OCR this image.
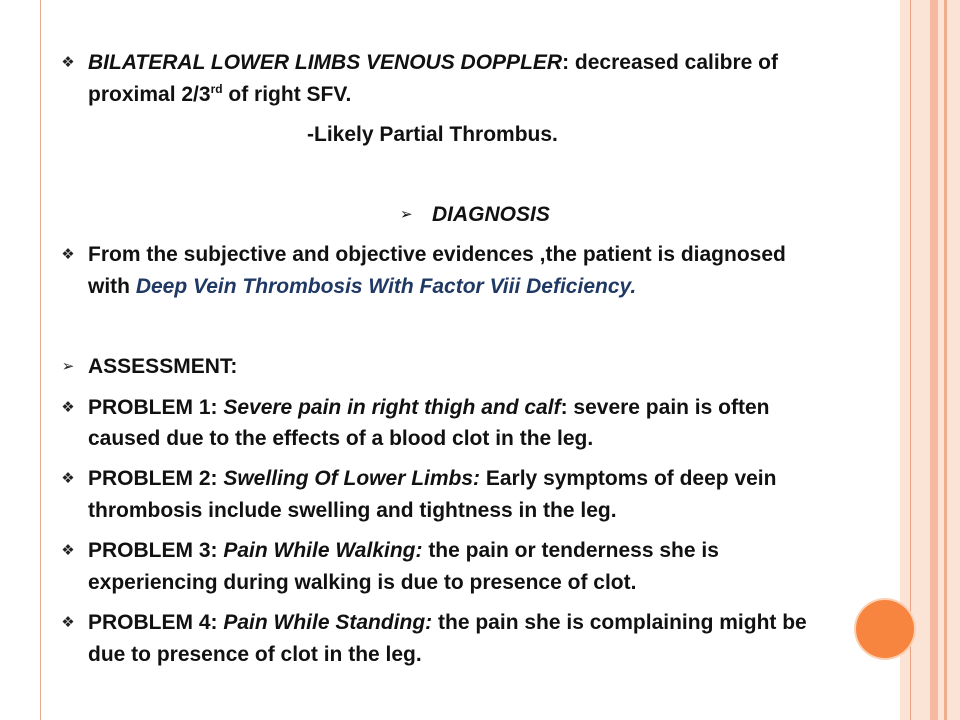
❖ BILATERAL LOWER LIMBS VENOUS DOPPLER: decreased calibre of
proximal 2/3rd of right SFV.
-Likely Partial Thrombus.
➢ DIAGNOSIS
❖ From the subjective and objective evidences ,the patient is diagnosed
with Deep Vein Thrombosis With Factor Viii Deficiency.
➢ ASSESSMENT:
❖ PROBLEM 1: Severe pain in right thigh and calf: severe pain is often
caused due to the effects of a blood clot in the leg.
❖ PROBLEM 2: Swelling Of Lower Limbs: Early symptoms of deep vein
thrombosis include swelling and tightness in the leg.
❖ PROBLEM 3: Pain While Walking: the pain or tenderness she is
experiencing during walking is due to presence of clot.
❖ PROBLEM 4: Pain While Standing: the pain she is complaining might be
due to presence of clot in the leg.
